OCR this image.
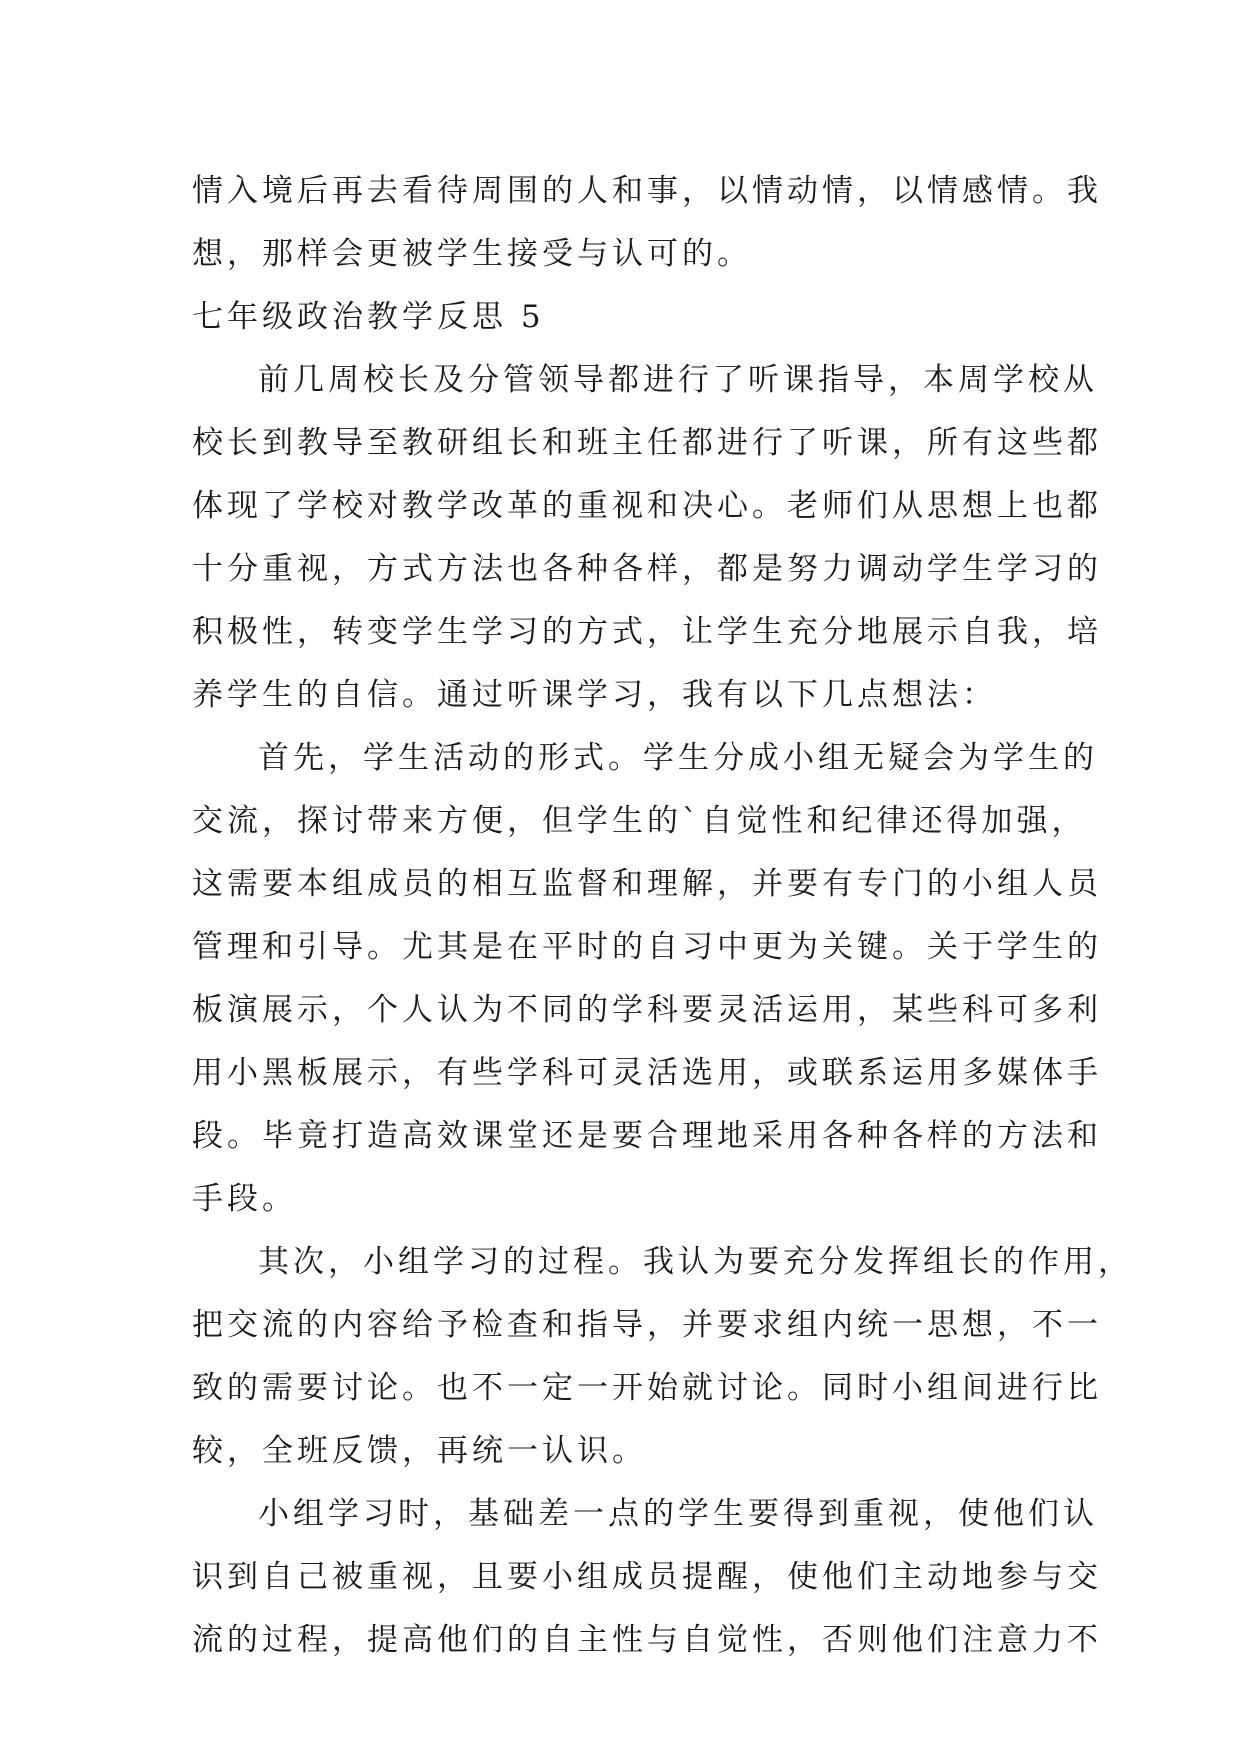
情入境后再去看待周围的人和事，以情动情，以情感情。我
想，那样会更被学生接受与认可的。
七年级政治教学反思 5
前几周校长及分管领导都进行了听课指导，本周学校从
校长到教导至教研组长和班主任都进行了听课，所有这些都
体现了学校对教学改革的重视和决心。老师们从思想上也都
十分重视，方式方法也各种各样，都是努力调动学生学习的
积极性，转变学生学习的方式，让学生充分地展示自我，培
养学生的自信。通过听课学习，我有以下几点想法：
首先，学生活动的形式。学生分成小组无疑会为学生的
交流，探讨带来方便，但学生的`自觉性和纪律还得加强，
这需要本组成员的相互监督和理解，并要有专门的小组人员
管理和引导。尤其是在平时的自习中更为关键。关于学生的
板演展示，个人认为不同的学科要灵活运用，某些科可多利
用小黑板展示，有些学科可灵活选用，或联系运用多媒体手
段。毕竟打造高效课堂还是要合理地采用各种各样的方法和
手段。
其次，小组学习的过程。我认为要充分发挥组长的作用，
把交流的内容给予检查和指导，并要求组内统一思想，不一
致的需要讨论。也不一定一开始就讨论。同时小组间进行比
较，全班反馈，再统一认识。
小组学习时，基础差一点的学生要得到重视，使他们认
识到自己被重视，且要小组成员提醒，使他们主动地参与交
流的过程，提高他们的自主性与自觉性，否则他们注意力不
